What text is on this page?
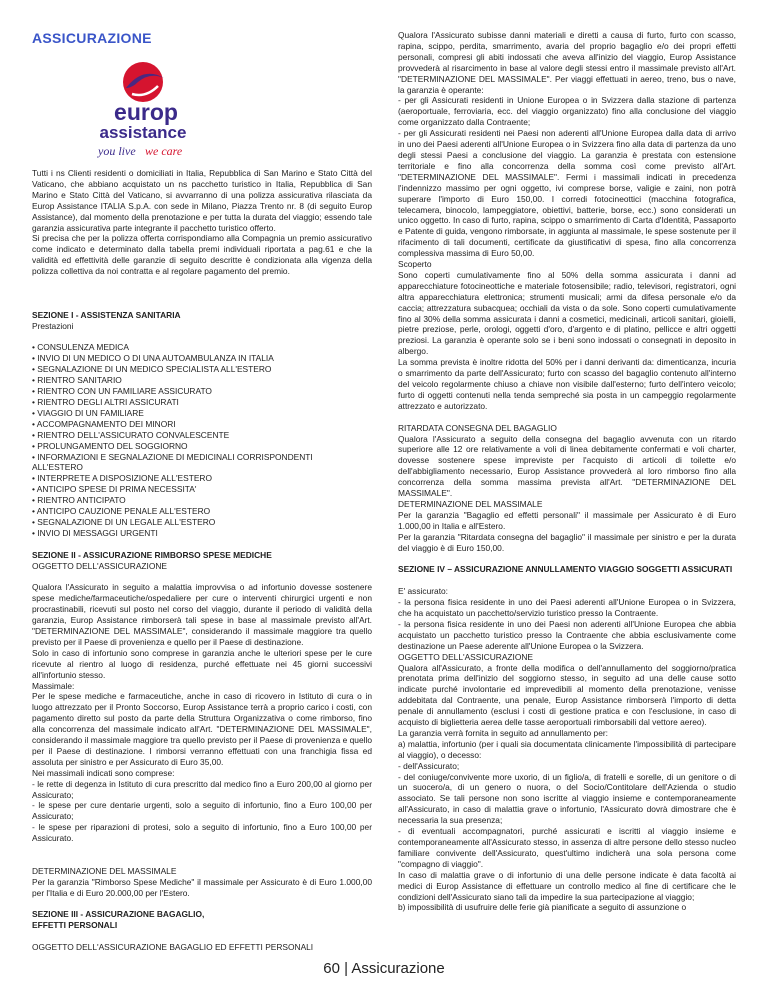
ASSICURAZIONE
europ
assistance
you live we care

Tutti i ns Clienti residenti o domiciliati in Italia, Repubblica di San Marino e Stato Città del Vaticano, che abbiano acquistato un ns pacchetto turistico in Italia, Repubblica di San Marino e Stato Città del Vaticano, si avvarranno di una polizza assicurativa rilasciata da Europ Assistance ITALIA S.p.A. con sede in Milano, Piazza Trento nr. 8 (di seguito Europ Assistance), dal momento della prenotazione e per tutta la durata del viaggio; essendo tale garanzia assicurativa parte integrante il pacchetto turistico offerto.

Si precisa che per la polizza offerta corrispondiamo alla Compagnia un premio assicurativo come indicato e determinato dalla tabella premi individuali riportata a pag.61 e che la validità ed effettività delle garanzie di seguito descritte è condizionata alla vigenza della polizza collettiva da noi contratta e al regolare pagamento del premio.

SEZIONE I - ASSISTENZA SANITARIA

Prestazioni

• CONSULENZA MEDICA

• INVIO DI UN MEDICO O DI UNA AUTOAMBULANZA IN ITALIA

• SEGNALAZIONE DI UN MEDICO SPECIALISTA ALL'ESTERO

• RIENTRO SANITARIO

• RIENTRO CON UN FAMILIARE ASSICURATO

• RIENTRO DEGLI ALTRI ASSICURATI

• VIAGGIO DI UN FAMILIARE

• ACCOMPAGNAMENTO DEI MINORI

• RIENTRO DELL'ASSICURATO CONVALESCENTE

• PROLUNGAMENTO DEL SOGGIORNO

• INFORMAZIONI E SEGNALAZIONE DI MEDICINALI CORRISPONDENTI

ALL'ESTERO

• INTERPRETE A DISPOSIZIONE ALL'ESTERO

• ANTICIPO SPESE DI PRIMA NECESSITA'

• RIENTRO ANTICIPATO

• ANTICIPO CAUZIONE PENALE ALL'ESTERO

• SEGNALAZIONE DI UN LEGALE ALL'ESTERO

• INVIO DI MESSAGGI URGENTI

SEZIONE II - ASSICURAZIONE RIMBORSO SPESE MEDICHE

OGGETTO DELL'ASSICURAZIONE

Qualora l'Assicurato in seguito a malattia improvvisa o ad infortunio dovesse sostenere spese mediche/farmaceutiche/ospedaliere per cure o interventi chirurgici urgenti e non procrastinabili, ricevuti sul posto nel corso del viaggio, durante il periodo di validità della garanzia, Europ Assistance rimborserà tali spese in base al massimale previsto all'Art. "DETERMINAZIONE DEL MASSIMALE", considerando il massimale maggiore tra quello previsto per il Paese di provenienza e quello per il Paese di destinazione.

Solo in caso di infortunio sono comprese in garanzia anche le ulteriori spese per le cure ricevute al rientro al luogo di residenza, purché effettuate nei 45 giorni successivi all'infortunio stesso.

Massimale:

Per le spese mediche e farmaceutiche, anche in caso di ricovero in Istituto di cura o in luogo attrezzato per il Pronto Soccorso, Europ Assistance terrà a proprio carico i costi, con pagamento diretto sul posto da parte della Struttura Organizzativa o come rimborso, fino alla concorrenza del massimale indicato all'Art. "DETERMINAZIONE DEL MASSIMALE", considerando il massimale maggiore tra quello previsto per il Paese di provenienza e quello per il Paese di destinazione. I rimborsi verranno effettuati con una franchigia fissa ed assoluta per sinistro e per Assicurato di Euro 35,00.

Nei massimali indicati sono comprese:

- le rette di degenza in Istituto di cura prescritto dal medico fino a Euro 200,00 al giorno per Assicurato;

- le spese per cure dentarie urgenti, solo a seguito di infortunio, fino a Euro 100,00 per Assicurato;

- le spese per riparazioni di protesi, solo a seguito di infortunio, fino a Euro 100,00 per Assicurato.

DETERMINAZIONE DEL MASSIMALE

Per la garanzia "Rimborso Spese Mediche" il massimale per Assicurato è di Euro 1.000,00 per l'Italia e di Euro 20.000,00 per l'Estero.

SEZIONE III - ASSICURAZIONE BAGAGLIO,

EFFETTI PERSONALI

OGGETTO DELL'ASSICURAZIONE BAGAGLIO ED EFFETTI PERSONALI

Qualora l'Assicurato subisse danni materiali e diretti a causa di furto, furto con scasso, rapina, scippo, perdita, smarrimento, avaria del proprio bagaglio e/o dei propri effetti personali, compresi gli abiti indossati che aveva all'inizio del viaggio, Europ Assistance provvederà al risarcimento in base al valore degli stessi entro il massimale previsto all'Art. "DETERMINAZIONE DEL MASSIMALE". Per viaggi effettuati in aereo, treno, bus o nave, la garanzia è operante:

- per gli Assicurati residenti in Unione Europea o in Svizzera dalla stazione di partenza (aeroportuale, ferroviaria, ecc. del viaggio organizzato) fino alla conclusione del viaggio come organizzato dalla Contraente;

- per gli Assicurati residenti nei Paesi non aderenti all'Unione Europea dalla data di arrivo in uno dei Paesi aderenti all'Unione Europea o in Svizzera fino alla data di partenza da uno degli stessi Paesi a conclusione del viaggio. La garanzia è prestata con estensione territoriale e fino alla concorrenza della somma così come previsto all'Art. "DETERMINAZIONE DEL MASSIMALE". Fermi i massimali indicati in precedenza l'indennizzo massimo per ogni oggetto, ivi comprese borse, valigie e zaini, non potrà superare l'importo di Euro 150,00. I corredi fotocineottici (macchina fotografica, telecamera, binocolo, lampeggiatore, obiettivi, batterie, borse, ecc.) sono considerati un unico oggetto. In caso di furto, rapina, scippo o smarrimento di Carta d'Identità, Passaporto e Patente di guida, vengono rimborsate, in aggiunta al massimale, le spese sostenute per il rifacimento di tali documenti, certificate da giustificativi di spesa, fino alla concorrenza complessiva massima di Euro 50,00.

Scoperto

Sono coperti cumulativamente fino al 50% della somma assicurata i danni ad apparecchiature fotocineottiche e materiale fotosensibile; radio, televisori, registratori, ogni altra apparecchiatura elettronica; strumenti musicali; armi da difesa personale e/o da caccia; attrezzatura subacquea; occhiali da vista o da sole. Sono coperti cumulativamente fino al 30% della somma assicurata i danni a cosmetici, medicinali, articoli sanitari, gioielli, pietre preziose, perle, orologi, oggetti d'oro, d'argento e di platino, pellicce e altri oggetti preziosi. La garanzia è operante solo se i beni sono indossati o consegnati in deposito in albergo.

La somma prevista è inoltre ridotta del 50% per i danni derivanti da: dimenticanza, incuria o smarrimento da parte dell'Assicurato; furto con scasso del bagaglio contenuto all'interno del veicolo regolarmente chiuso a chiave non visibile dall'esterno; furto dell'intero veicolo; furto di oggetti contenuti nella tenda sempreché sia posta in un campeggio regolarmente attrezzato e autorizzato.

RITARDATA CONSEGNA DEL BAGAGLIO

Qualora l'Assicurato a seguito della consegna del bagaglio avvenuta con un ritardo superiore alle 12 ore relativamente a voli di linea debitamente confermati e voli charter, dovesse sostenere spese impreviste per l'acquisto di articoli di toilette e/o dell'abbigliamento necessario, Europ Assistance provvederà al loro rimborso fino alla concorrenza della somma massima prevista all'Art. "DETERMINAZIONE DEL MASSIMALE".

DETERMINAZIONE DEL MASSIMALE

Per la garanzia "Bagaglio ed effetti personali" il massimale per Assicurato è di Euro 1.000,00 in Italia e all'Estero.

Per la garanzia "Ritardata consegna del bagaglio" il massimale per sinistro e per la durata del viaggio è di Euro 150,00.

SEZIONE IV – ASSICURAZIONE ANNULLAMENTO VIAGGIO SOGGETTI ASSICURATI

E' assicurato:

- la persona fisica residente in uno dei Paesi aderenti all'Unione Europea o in Svizzera, che ha acquistato un pacchetto/servizio turistico presso la Contraente.

- la persona fisica residente in uno dei Paesi non aderenti all'Unione Europea che abbia acquistato un pacchetto turistico presso la Contraente che abbia esclusivamente come destinazione un Paese aderente all'Unione Europea o la Svizzera.

OGGETTO DELL'ASSICURAZIONE

Qualora all'Assicurato, a fronte della modifica o dell'annullamento del soggiorno/pratica prenotata prima dell'inizio del soggiorno stesso, in seguito ad una delle cause sotto indicate purché involontarie ed imprevedibili al momento della prenotazione, venisse addebitata dal Contraente, una penale, Europ Assistance rimborserà l'importo di detta penale di annullamento (esclusi i costi di gestione pratica e con l'esclusione, in caso di acquisto di biglietteria aerea delle tasse aeroportuali rimborsabili dal vettore aereo).

La garanzia verrà fornita in seguito ad annullamento per:

a) malattia, infortunio (per i quali sia documentata clinicamente l'impossibilità di partecipare al viaggio), o decesso:

- dell'Assicurato;

- del coniuge/convivente more uxorio, di un figlio/a, di fratelli e sorelle, di un genitore o di un suocero/a, di un genero o nuora, o del Socio/Contitolare dell'Azienda o studio associato. Se tali persone non sono iscritte al viaggio insieme e contemporaneamente all'Assicurato, in caso di malattia grave o infortunio, l'Assicurato dovrà dimostrare che è necessaria la sua presenza;

- di eventuali accompagnatori, purché assicurati e iscritti al viaggio insieme e contemporaneamente all'Assicurato stesso, in assenza di altre persone dello stesso nucleo familiare convivente dell'Assicurato, quest'ultimo indicherà una sola persona come "compagno di viaggio".

In caso di malattia grave o di infortunio di una delle persone indicate è data facoltà ai medici di Europ Assistance di effettuare un controllo medico al fine di certificare che le condizioni dell'Assicurato siano tali da impedire la sua partecipazione al viaggio;

b) impossibilità di usufruire delle ferie già pianificate a seguito di assunzione o

60 | Assicurazione
